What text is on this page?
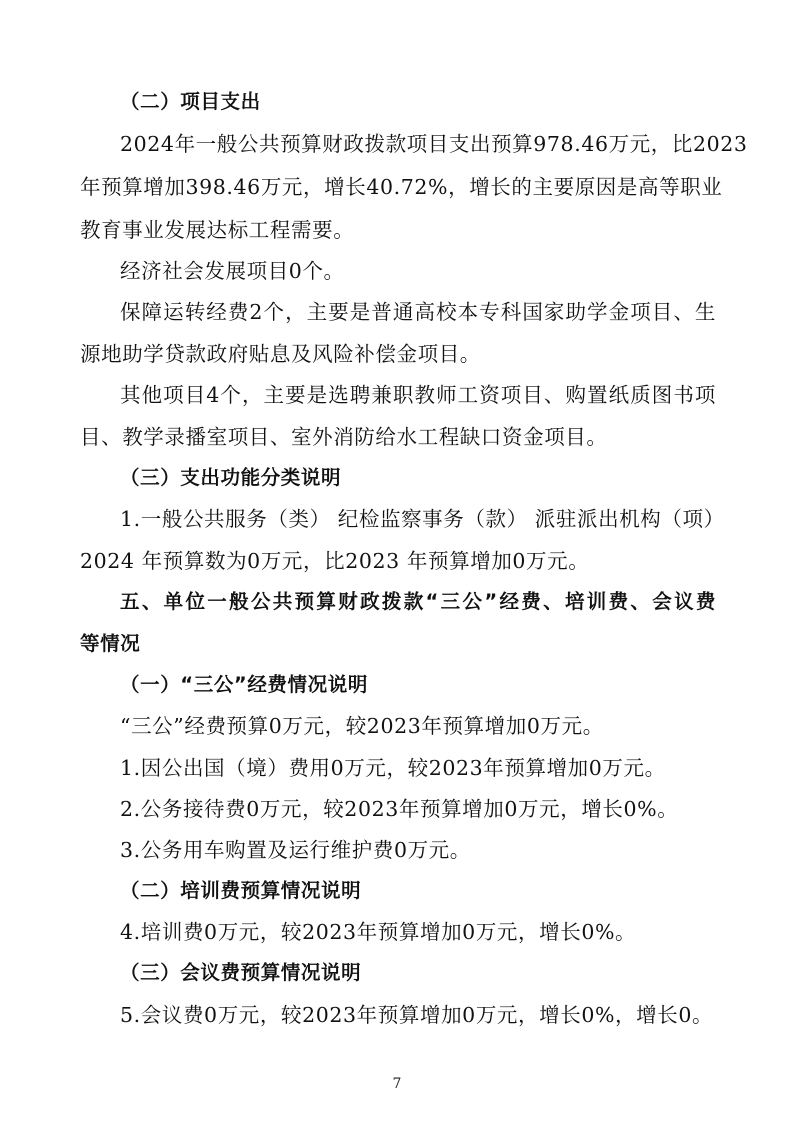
（二）项目支出
2024年一般公共预算财政拨款项目支出预算978.46万元，比2023
年预算增加398.46万元，增长40.72%，增长的主要原因是高等职业
教育事业发展达标工程需要。
经济社会发展项目0个。
保障运转经费2个，主要是普通高校本专科国家助学金项目、生
源地助学贷款政府贴息及风险补偿金项目。
其他项目4个，主要是选聘兼职教师工资项目、购置纸质图书项
目、教学录播室项目、室外消防给水工程缺口资金项目。
（三）支出功能分类说明
1.一般公共服务（类） 纪检监察事务（款） 派驻派出机构（项）
2024 年预算数为0万元，比2023 年预算增加0万元。
五、单位一般公共预算财政拨款“三公”经费、培训费、会议费
等情况
（一）“三公”经费情况说明
“三公”经费预算0万元，较2023年预算增加0万元。
1.因公出国（境）费用0万元，较2023年预算增加0万元。
2.公务接待费0万元，较2023年预算增加0万元，增长0%。
3.公务用车购置及运行维护费0万元。
（二）培训费预算情况说明
4.培训费0万元，较2023年预算增加0万元，增长0%。
（三）会议费预算情况说明
5.会议费0万元，较2023年预算增加0万元，增长0%，增长0。
7
